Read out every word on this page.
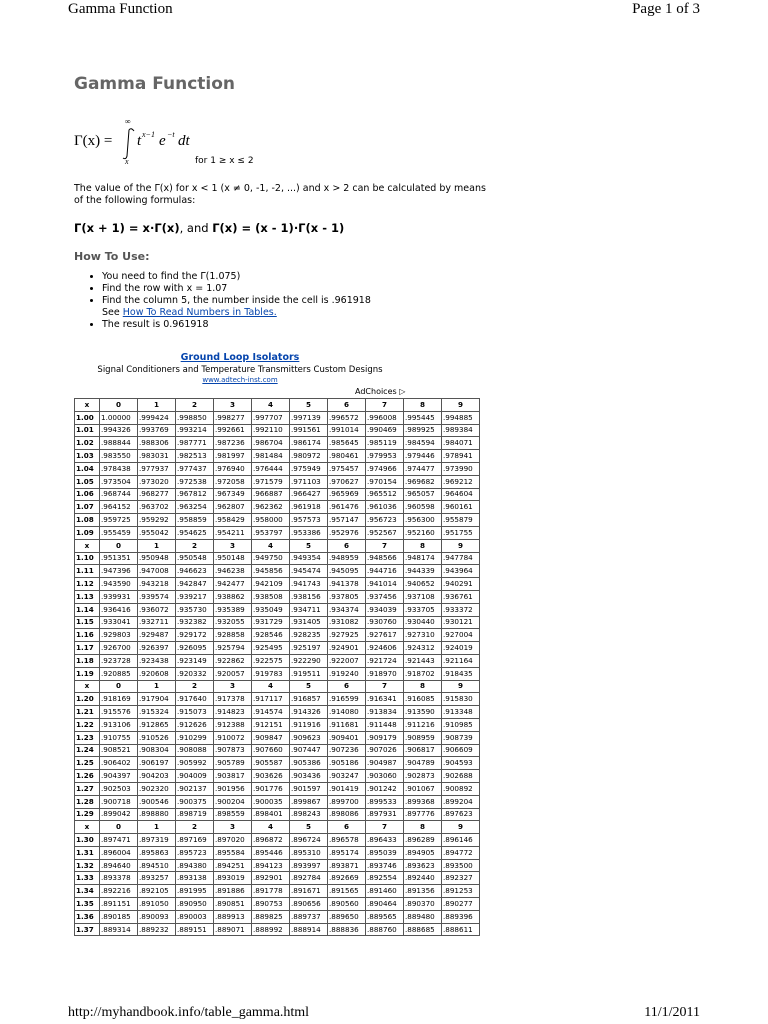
Gamma Function	Page 1 of 3
Gamma Function
Γ(x) =
∞
x
t x−1 e −t dt
for 1 ≥ x ≤ 2
The value of the Γ(x) for x < 1 (x ≠ 0, -1, -2, ...) and x > 2 can be calculated by means of the following formulas:
Γ(x + 1) = x·Γ(x), and Γ(x) = (x - 1)·Γ(x - 1)
How To Use:
• You need to find the Γ(1.075)
• Find the row with x = 1.07
• Find the column 5, the number inside the cell is .961918
See How To Read Numbers in Tables.
• The result is 0.961918
Ground Loop Isolators
Signal Conditioners and Temperature Transmitters Custom Designs
www.adtech-inst.com
AdChoices ▷
x	0	1	2	3	4	5	6	7	8	9
1.00	1.00000	.999424	.998850	.998277	.997707	.997139	.996572	.996008	.995445	.994885
1.01	.994326	.993769	.993214	.992661	.992110	.991561	.991014	.990469	.989925	.989384
1.02	.988844	.988306	.987771	.987236	.986704	.986174	.985645	.985119	.984594	.984071
1.03	.983550	.983031	.982513	.981997	.981484	.980972	.980461	.979953	.979446	.978941
1.04	.978438	.977937	.977437	.976940	.976444	.975949	.975457	.974966	.974477	.973990
1.05	.973504	.973020	.972538	.972058	.971579	.971103	.970627	.970154	.969682	.969212
1.06	.968744	.968277	.967812	.967349	.966887	.966427	.965969	.965512	.965057	.964604
1.07	.964152	.963702	.963254	.962807	.962362	.961918	.961476	.961036	.960598	.960161
1.08	.959725	.959292	.958859	.958429	.958000	.957573	.957147	.956723	.956300	.955879
1.09	.955459	.955042	.954625	.954211	.953797	.953386	.952976	.952567	.952160	.951755
x	0	1	2	3	4	5	6	7	8	9
1.10	.951351	.950948	.950548	.950148	.949750	.949354	.948959	.948566	.948174	.947784
1.11	.947396	.947008	.946623	.946238	.945856	.945474	.945095	.944716	.944339	.943964
1.12	.943590	.943218	.942847	.942477	.942109	.941743	.941378	.941014	.940652	.940291
1.13	.939931	.939574	.939217	.938862	.938508	.938156	.937805	.937456	.937108	.936761
1.14	.936416	.936072	.935730	.935389	.935049	.934711	.934374	.934039	.933705	.933372
1.15	.933041	.932711	.932382	.932055	.931729	.931405	.931082	.930760	.930440	.930121
1.16	.929803	.929487	.929172	.928858	.928546	.928235	.927925	.927617	.927310	.927004
1.17	.926700	.926397	.926095	.925794	.925495	.925197	.924901	.924606	.924312	.924019
1.18	.923728	.923438	.923149	.922862	.922575	.922290	.922007	.921724	.921443	.921164
1.19	.920885	.920608	.920332	.920057	.919783	.919511	.919240	.918970	.918702	.918435
x	0	1	2	3	4	5	6	7	8	9
1.20	.918169	.917904	.917640	.917378	.917117	.916857	.916599	.916341	.916085	.915830
1.21	.915576	.915324	.915073	.914823	.914574	.914326	.914080	.913834	.913590	.913348
1.22	.913106	.912865	.912626	.912388	.912151	.911916	.911681	.911448	.911216	.910985
1.23	.910755	.910526	.910299	.910072	.909847	.909623	.909401	.909179	.908959	.908739
1.24	.908521	.908304	.908088	.907873	.907660	.907447	.907236	.907026	.906817	.906609
1.25	.906402	.906197	.905992	.905789	.905587	.905386	.905186	.904987	.904789	.904593
1.26	.904397	.904203	.904009	.903817	.903626	.903436	.903247	.903060	.902873	.902688
1.27	.902503	.902320	.902137	.901956	.901776	.901597	.901419	.901242	.901067	.900892
1.28	.900718	.900546	.900375	.900204	.900035	.899867	.899700	.899533	.899368	.899204
1.29	.899042	.898880	.898719	.898559	.898401	.898243	.898086	.897931	.897776	.897623
x	0	1	2	3	4	5	6	7	8	9
1.30	.897471	.897319	.897169	.897020	.896872	.896724	.896578	.896433	.896289	.896146
1.31	.896004	.895863	.895723	.895584	.895446	.895310	.895174	.895039	.894905	.894772
1.32	.894640	.894510	.894380	.894251	.894123	.893997	.893871	.893746	.893623	.893500
1.33	.893378	.893257	.893138	.893019	.892901	.892784	.892669	.892554	.892440	.892327
1.34	.892216	.892105	.891995	.891886	.891778	.891671	.891565	.891460	.891356	.891253
1.35	.891151	.891050	.890950	.890851	.890753	.890656	.890560	.890464	.890370	.890277
1.36	.890185	.890093	.890003	.889913	.889825	.889737	.889650	.889565	.889480	.889396
1.37	.889314	.889232	.889151	.889071	.888992	.888914	.888836	.888760	.888685	.888611
http://myhandbook.info/table_gamma.html	11/1/2011
